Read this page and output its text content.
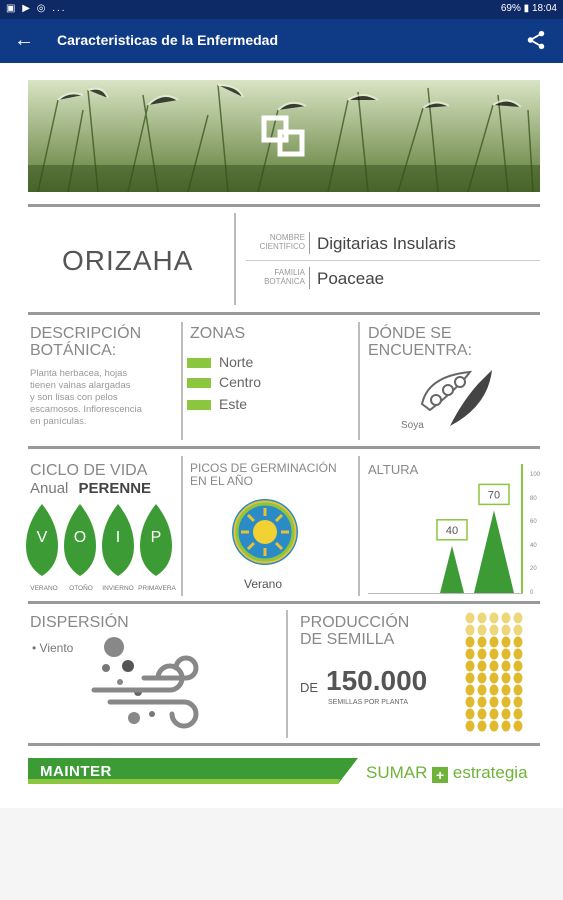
▣ ▶ ◎ ...	69% ▮ 18:04
← Caracteristicas de la Enfermedad
ORIZAHA
NOMBRE
CIENTÍFICO Digitarias Insularis
FAMILIA
BOTÁNICA Poaceae
DESCRIPCIÓN
BOTÁNICA:
Planta herbacea, hojas
tienen vainas alargadas
y son lisas con pelos
escamosos. Inflorescencia
en panículas.
ZONAS
Norte
Centro
Este
DÓNDE SE
ENCUENTRA:
Soya
CICLO DE VIDA
Anual PERENNE
V O I P
VERANO	OTOÑO	INVIERNO PRIMAVERA
PICOS DE GERMINACIÓN
EN EL AÑO
Verano
ALTURA	100
80
60
40
20
0
40
70
DISPERSIÓN
• Viento
PRODUCCIÓN
DE SEMILLA
DE 150.000
SEMILLAS POR PLANTA
MAINTER	SUMAR + estrategia
